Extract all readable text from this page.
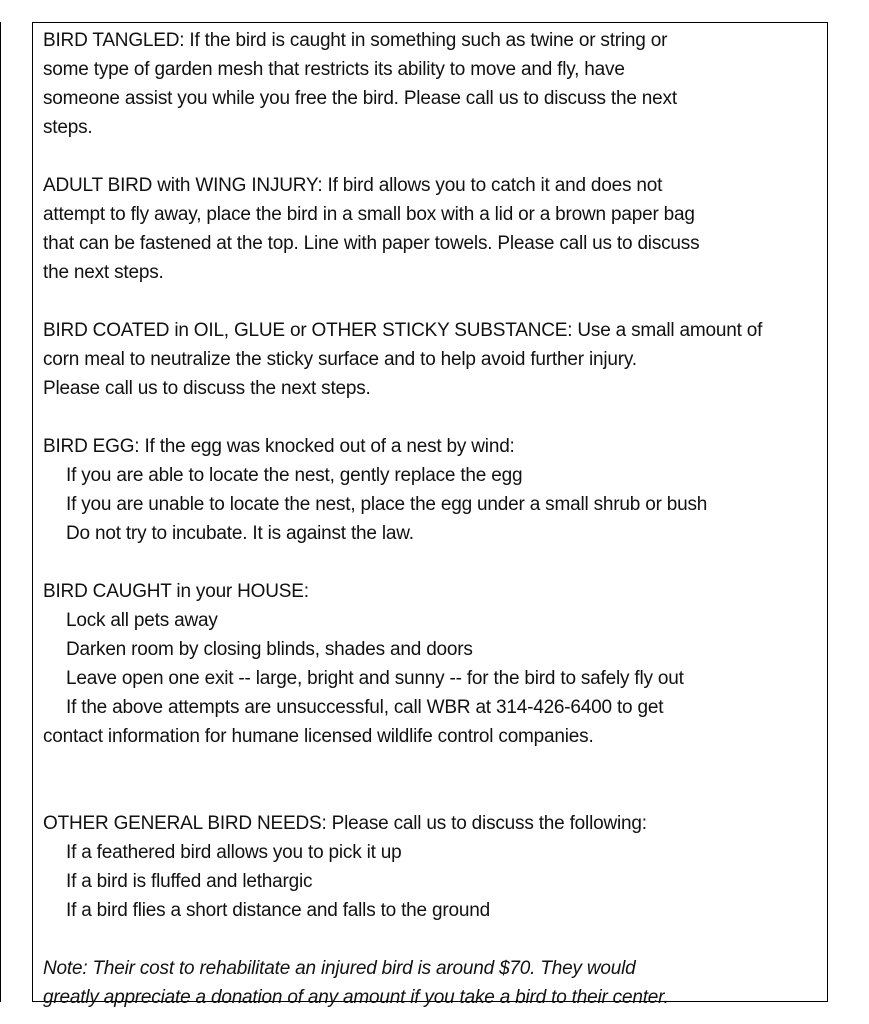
BIRD TANGLED: If the bird is caught in something such as twine or string or
some type of garden mesh that restricts its ability to move and fly, have
someone assist you while you free the bird. Please call us to discuss the next
steps.
ADULT BIRD with WING INJURY: If bird allows you to catch it and does not
attempt to fly away, place the bird in a small box with a lid or a brown paper bag
that can be fastened at the top. Line with paper towels. Please call us to discuss
the next steps.
BIRD COATED in OIL, GLUE or OTHER STICKY SUBSTANCE: Use a small amount of
corn meal to neutralize the sticky surface and to help avoid further injury.
Please call us to discuss the next steps.
BIRD EGG: If the egg was knocked out of a nest by wind:
If you are able to locate the nest, gently replace the egg
If you are unable to locate the nest, place the egg under a small shrub or bush
Do not try to incubate. It is against the law.
BIRD CAUGHT in your HOUSE:
Lock all pets away
Darken room by closing blinds, shades and doors
Leave open one exit -- large, bright and sunny -- for the bird to safely fly out
If the above attempts are unsuccessful, call WBR at 314-426-6400 to get
contact information for humane licensed wildlife control companies.
OTHER GENERAL BIRD NEEDS: Please call us to discuss the following:
If a feathered bird allows you to pick it up
If a bird is fluffed and lethargic
If a bird flies a short distance and falls to the ground
Note: Their cost to rehabilitate an injured bird is around $70. They would
greatly appreciate a donation of any amount if you take a bird to their center.
